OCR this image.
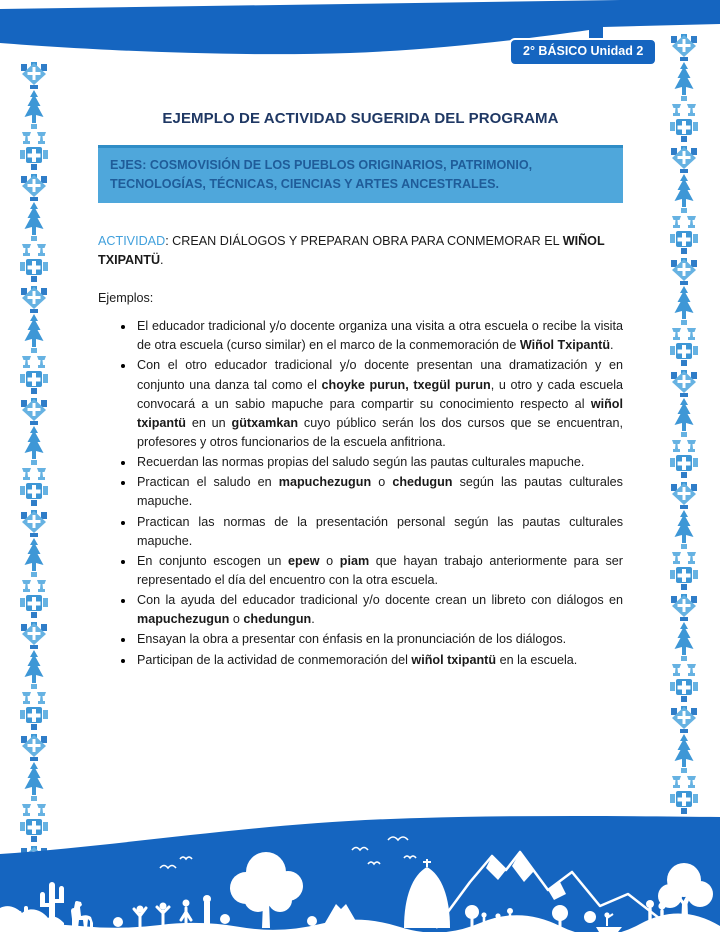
2° BÁSICO Unidad 2
EJEMPLO DE ACTIVIDAD SUGERIDA DEL PROGRAMA
EJES: COSMOVISIÓN DE LOS PUEBLOS ORIGINARIOS, PATRIMONIO, TECNOLOGÍAS, TÉCNICAS, CIENCIAS Y ARTES ANCESTRALES.

ACTIVIDAD: CREAN DIÁLOGOS Y PREPARAN OBRA PARA CONMEMORAR EL WIÑOL TXIPANTÜ.

Ejemplos:

• El educador tradicional y/o docente organiza una visita a otra escuela o recibe la visita de otra escuela (curso similar) en el marco de la conmemoración de Wiñol Txipantü.
• Con el otro educador tradicional y/o docente presentan una dramatización y en conjunto una danza tal como el choyke purun, txegül purun, u otro y cada escuela convocará a un sabio mapuche para compartir su conocimiento respecto al wiñol txipantü en un gütxamkan cuyo público serán los dos cursos que se encuentran, profesores y otros funcionarios de la escuela anfitriona.
• Recuerdan las normas propias del saludo según las pautas culturales mapuche.
• Practican el saludo en mapuchezugun o chedugun según las pautas culturales mapuche.
• Practican las normas de la presentación personal según las pautas culturales mapuche.
• En conjunto escogen un epew o piam que hayan trabajo anteriormente para ser representado el día del encuentro con la otra escuela.
• Con la ayuda del educador tradicional y/o docente crean un libreto con diálogos en mapuchezugun o chedungun.
• Ensayan la obra a presentar con énfasis en la pronunciación de los diálogos.
• Participan de la actividad de conmemoración del wiñol txipantü en la escuela.
